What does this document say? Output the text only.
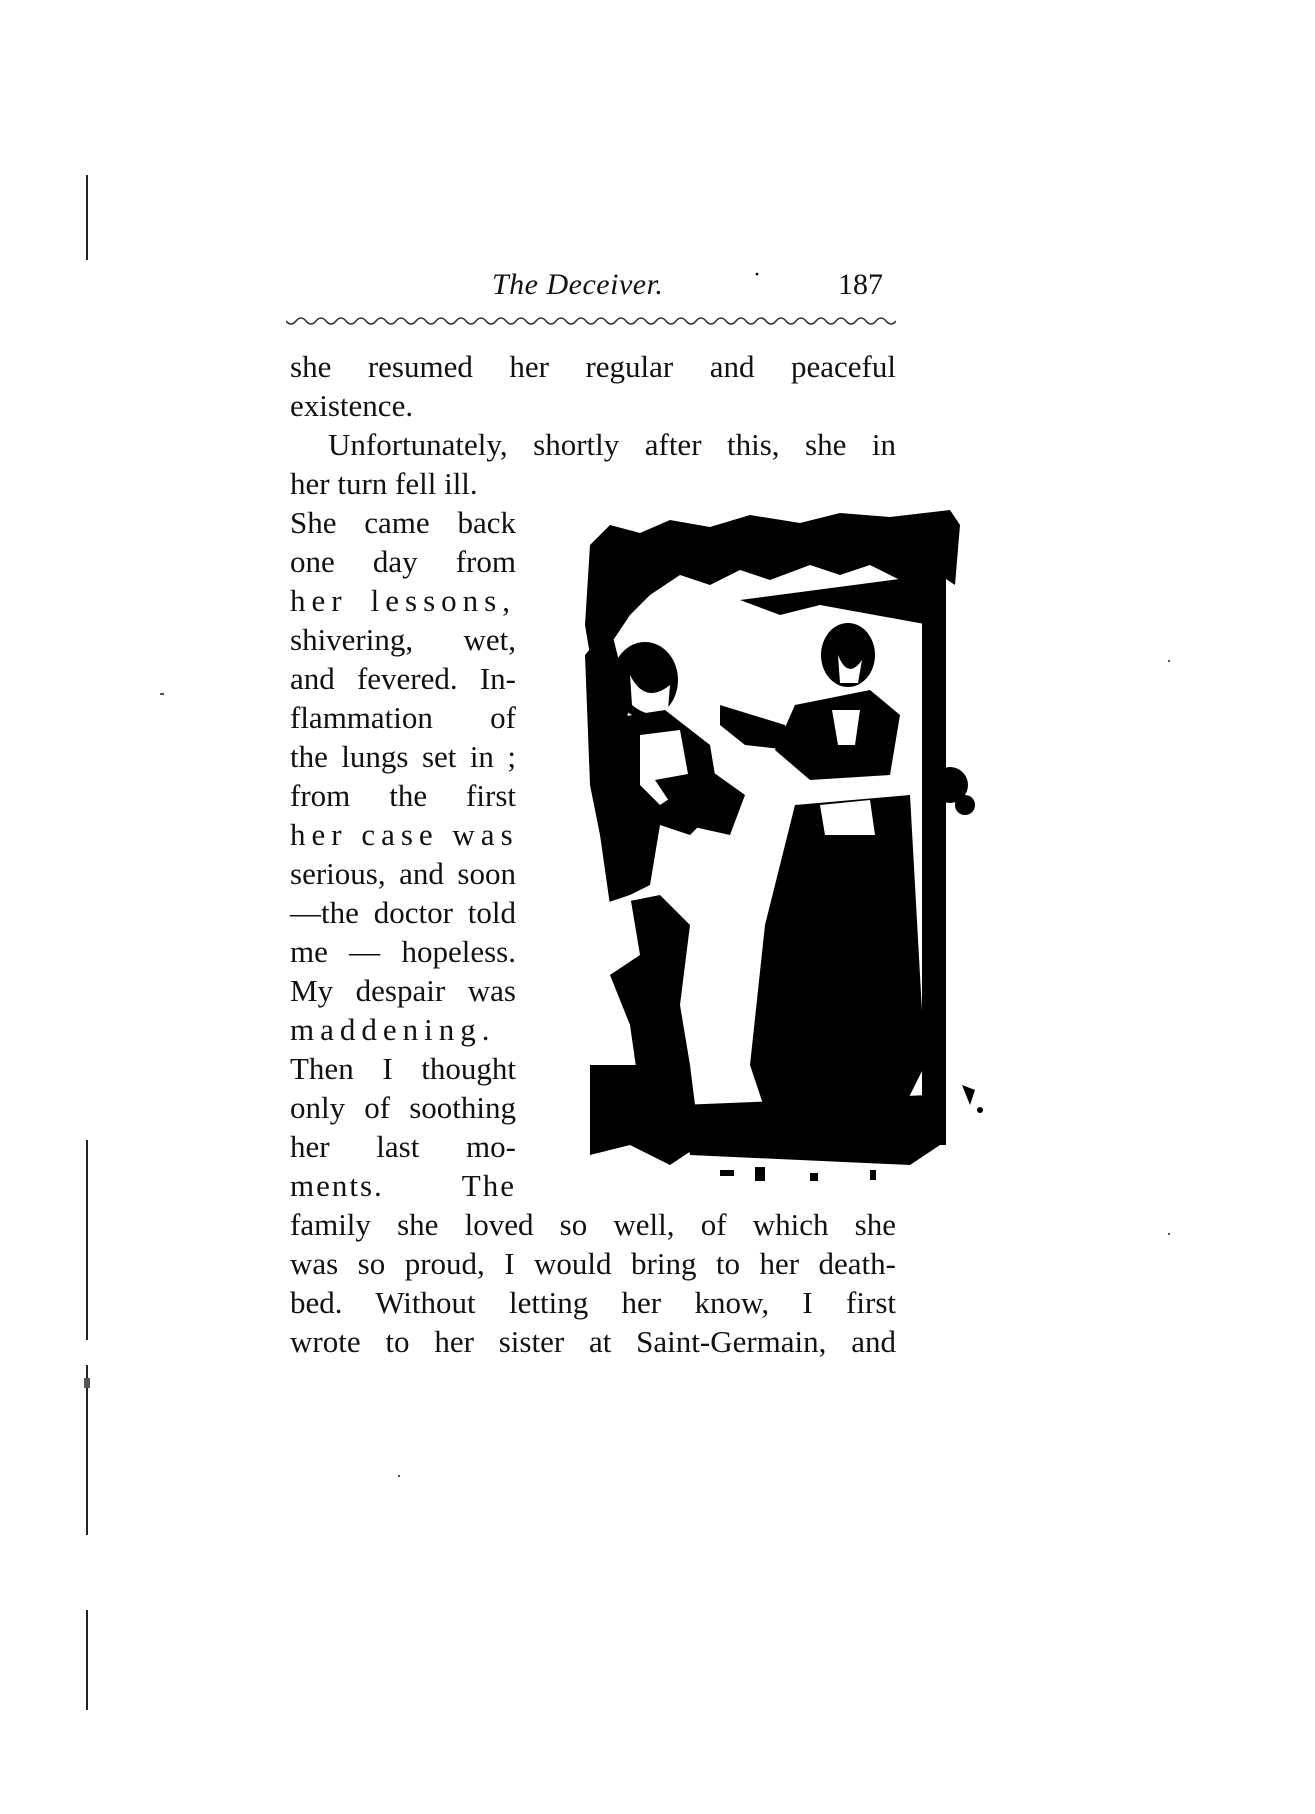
The Deceiver.	·	187
she resumed her regular and peaceful
existence.
Unfortunately, shortly after this, she in
her turn fell ill.
She came back
one day from
her lessons,
shivering, wet,
and fevered. In-
flammation of
the lungs set in ;
from the first
her case was
serious, and soon
—the doctor told
me — hopeless.
My despair was
maddening.
Then I thought
only of soothing
her last mo-
ments. The
family she loved so well, of which she
was so proud, I would bring to her death-
bed. Without letting her know, I first
wrote to her sister at Saint-Germain, and
